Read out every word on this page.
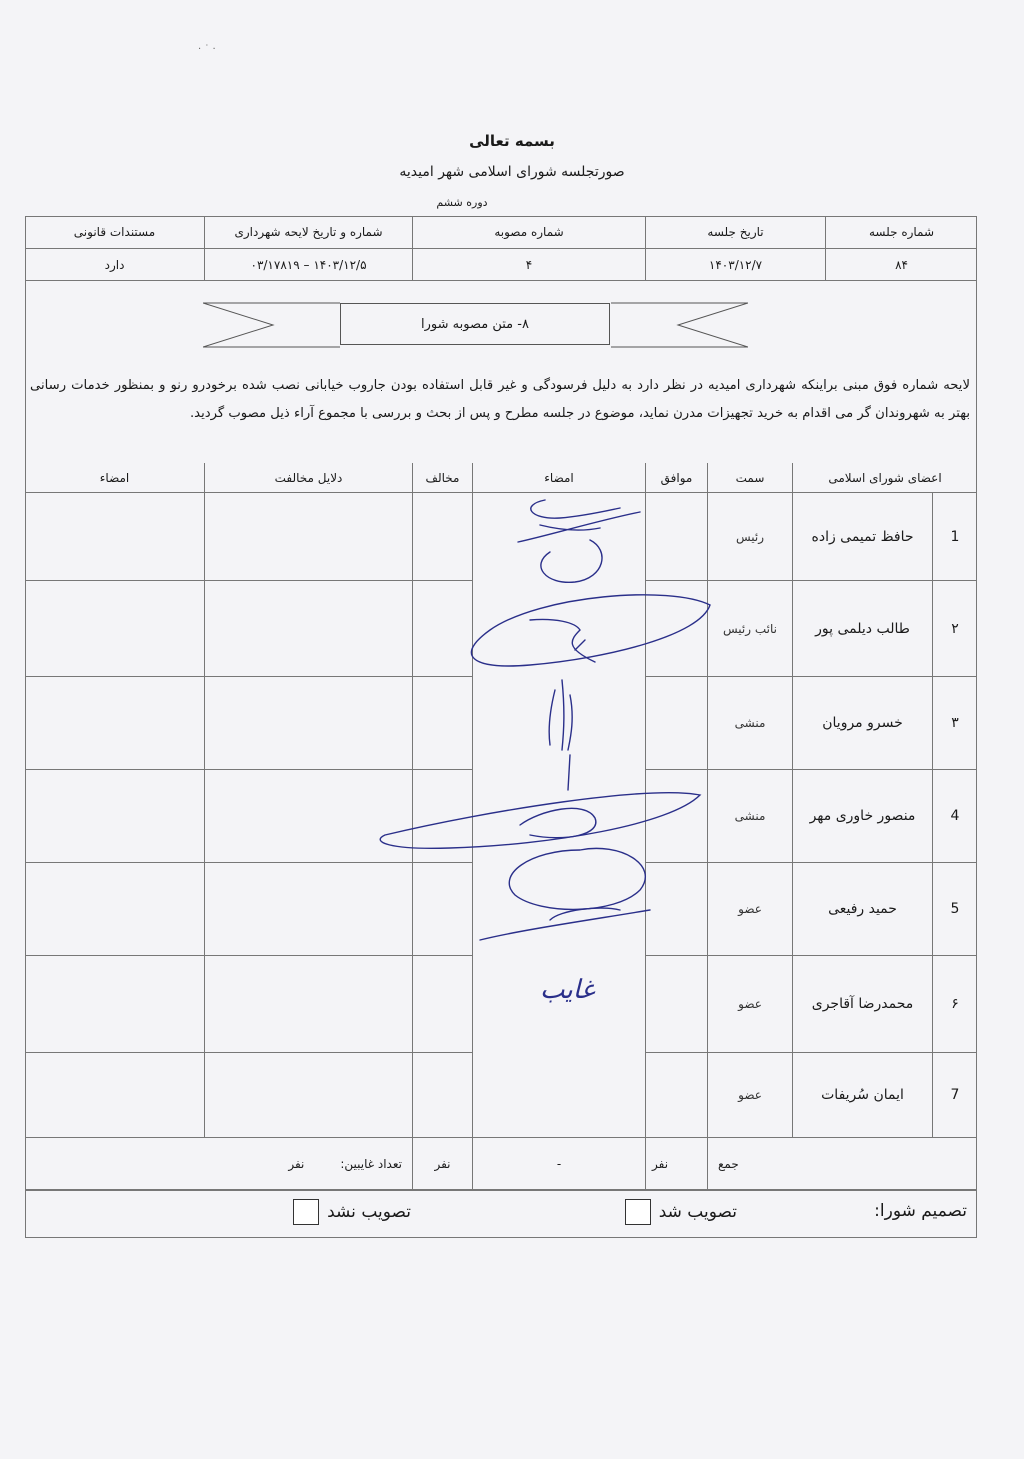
· ˙ ·
بسمه تعالی
صورتجلسه شورای اسلامی شهر امیدیه
دوره ششم
شماره جلسه
تاریخ جلسه
شماره مصوبه
شماره و تاریخ لایحه شهرداری
مستندات قانونی
۸۴
۱۴۰۳/۱۲/۷
۴
۱۴۰۳/۱۲/۵ – ۰۳/۱۷۸۱۹
دارد
۸- متن مصوبه شورا
لایحه شماره فوق مبنی براینکه شهرداری امیدیه در نظر دارد به دلیل فرسودگی و غیر قابل استفاده بودن جاروب خیابانی نصب شده برخودرو رنو و بمنظور خدمات رسانی بهتر به شهروندان گر می اقدام به خرید تجهیزات مدرن نماید، موضوع در جلسه مطرح و پس از بحث و بررسی با مجموع آراء ذیل مصوب گردید.
اعضای شورای اسلامی
سمت
موافق
امضاء
مخالف
دلایل مخالفت
امضاء
1
حافظ تمیمی زاده
رئیس
۲
طالب دیلمی پور
نائب رئیس
۳
خسرو مرویان
منشی
4
منصور خاوری مهر
منشی
5
حمید رفیعی
عضو
۶
محمدرضا آقاجری
عضو
7
ایمان سُریفات
عضو
غایب
جمع
نفر
-
نفر
تعداد غایبین:
نفر
تصمیم شورا:
تصویب شد
تصویب نشد
